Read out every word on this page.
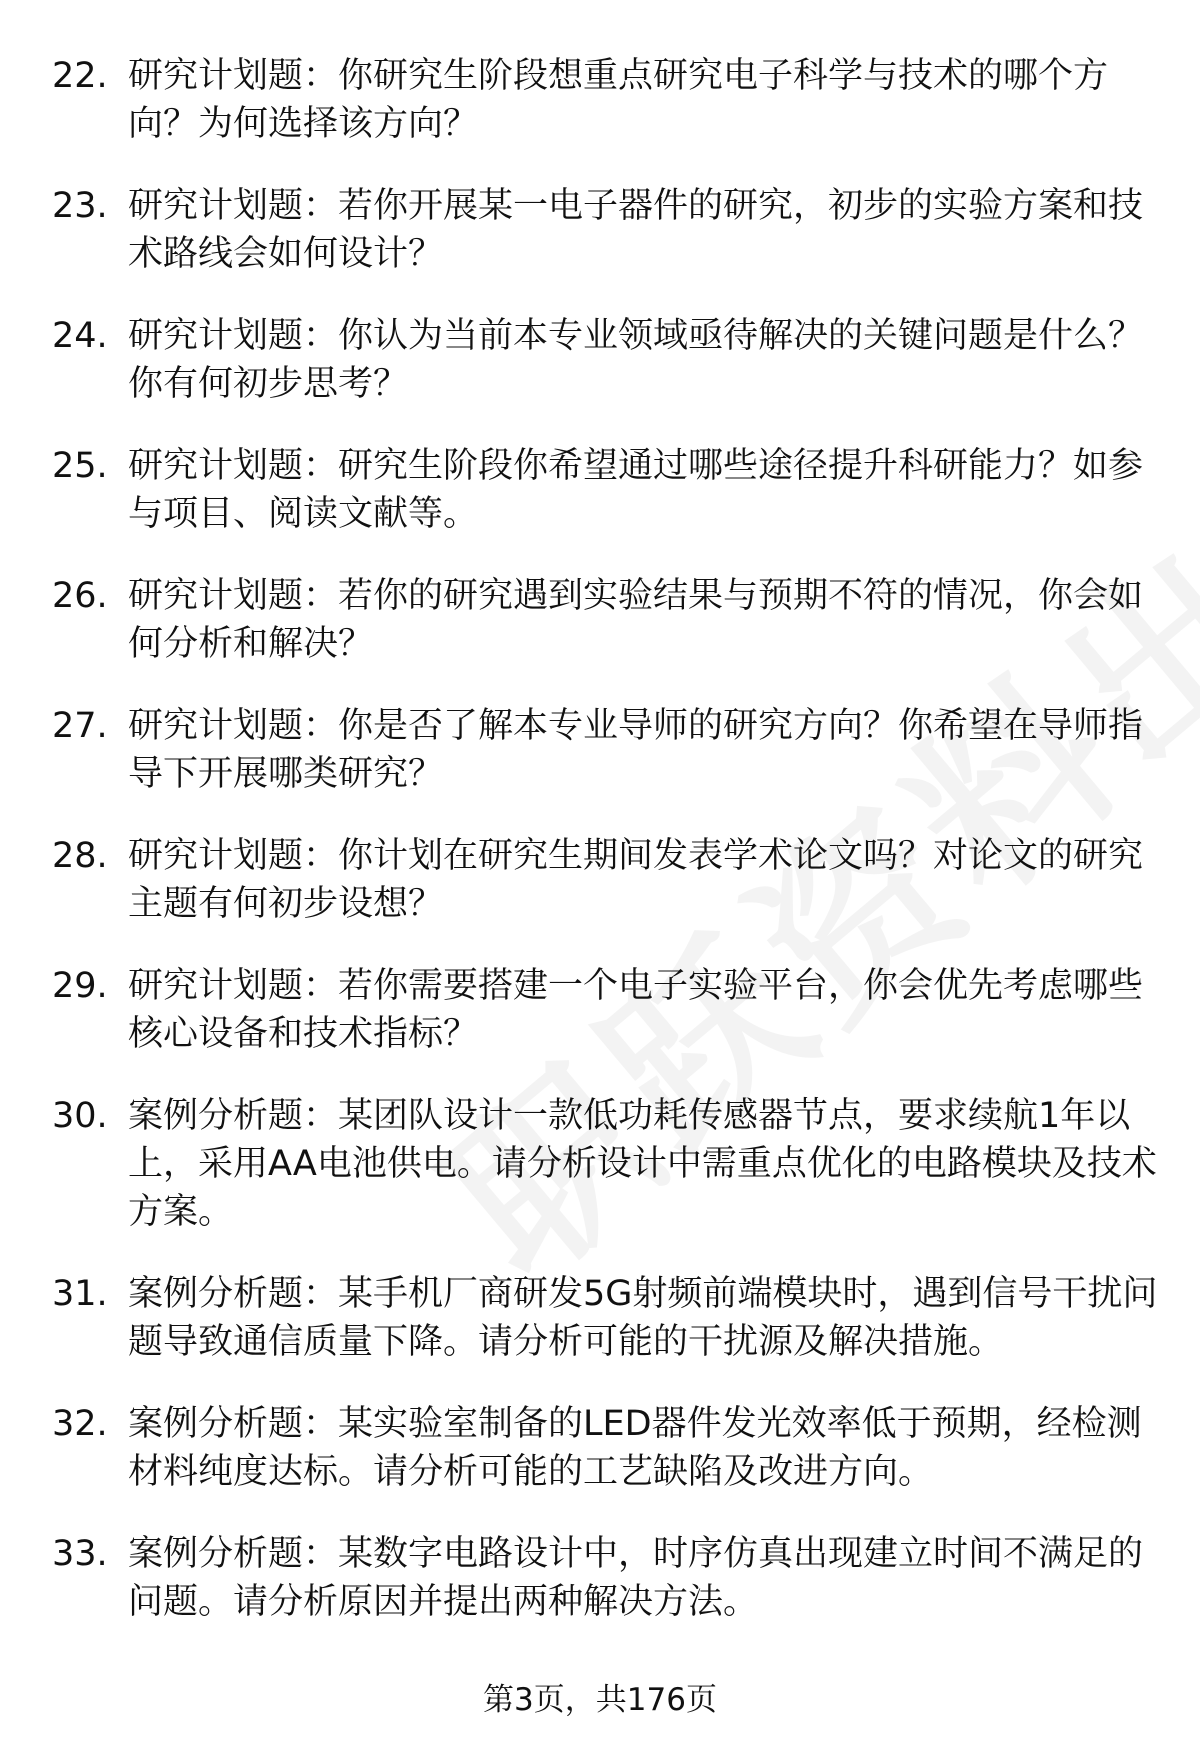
22. 研究计划题：你研究生阶段想重点研究电子科学与技术的哪个方向？为何选择该方向？
23. 研究计划题：若你开展某一电子器件的研究，初步的实验方案和技术路线会如何设计？
24. 研究计划题：你认为当前本专业领域亟待解决的关键问题是什么？你有何初步思考？
25. 研究计划题：研究生阶段你希望通过哪些途径提升科研能力？如参与项目、阅读文献等。
26. 研究计划题：若你的研究遇到实验结果与预期不符的情况，你会如何分析和解决？
27. 研究计划题：你是否了解本专业导师的研究方向？你希望在导师指导下开展哪类研究？
28. 研究计划题：你计划在研究生期间发表学术论文吗？对论文的研究主题有何初步设想？
29. 研究计划题：若你需要搭建一个电子实验平台，你会优先考虑哪些核心设备和技术指标？
30. 案例分析题：某团队设计一款低功耗传感器节点，要求续航1年以上，采用AA电池供电。请分析设计中需重点优化的电路模块及技术方案。
31. 案例分析题：某手机厂商研发5G射频前端模块时，遇到信号干扰问题导致通信质量下降。请分析可能的干扰源及解决措施。
32. 案例分析题：某实验室制备的LED器件发光效率低于预期，经检测材料纯度达标。请分析可能的工艺缺陷及改进方向。
33. 案例分析题：某数字电路设计中，时序仿真出现建立时间不满足的问题。请分析原因并提出两种解决方法。
第3页，共176页
